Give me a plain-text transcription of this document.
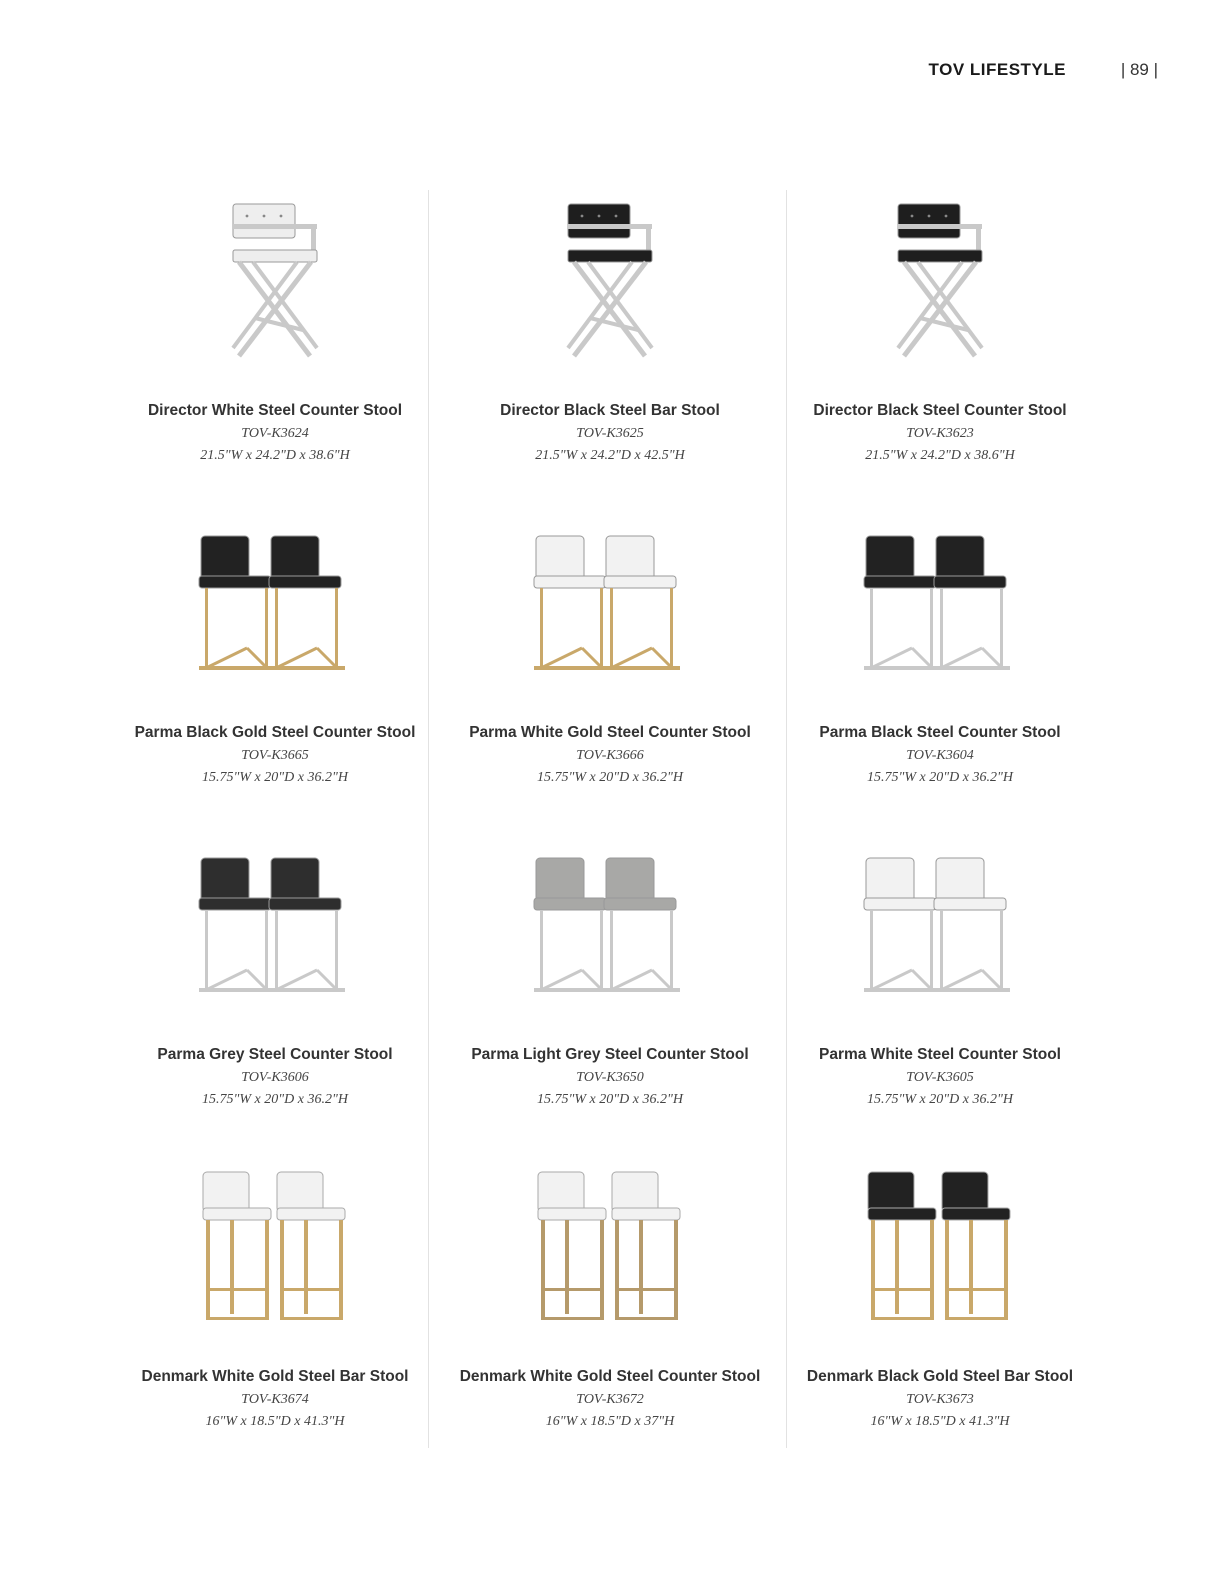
TOV LIFESTYLE	| 89 |
Director White Steel Counter Stool
TOV-K3624
21.5"W x 24.2"D x 38.6"H
Director Black Steel Bar Stool
TOV-K3625
21.5"W x 24.2"D x 42.5"H
Director Black Steel Counter Stool
TOV-K3623
21.5"W x 24.2"D x 38.6"H
Parma Black Gold Steel Counter Stool
TOV-K3665
15.75"W x 20"D x 36.2"H
Parma White Gold Steel Counter Stool
TOV-K3666
15.75"W x 20"D x 36.2"H
Parma Black Steel Counter Stool
TOV-K3604
15.75"W x 20"D x 36.2"H
Parma Grey Steel Counter Stool
TOV-K3606
15.75"W x 20"D x 36.2"H
Parma Light Grey Steel Counter Stool
TOV-K3650
15.75"W x 20"D x 36.2"H
Parma White Steel Counter Stool
TOV-K3605
15.75"W x 20"D x 36.2"H
Denmark White Gold Steel Bar Stool
TOV-K3674
16"W x 18.5"D x 41.3"H
Denmark White Gold Steel Counter Stool
TOV-K3672
16"W x 18.5"D x 37"H
Denmark Black Gold Steel Bar Stool
TOV-K3673
16"W x 18.5"D x 41.3"H
